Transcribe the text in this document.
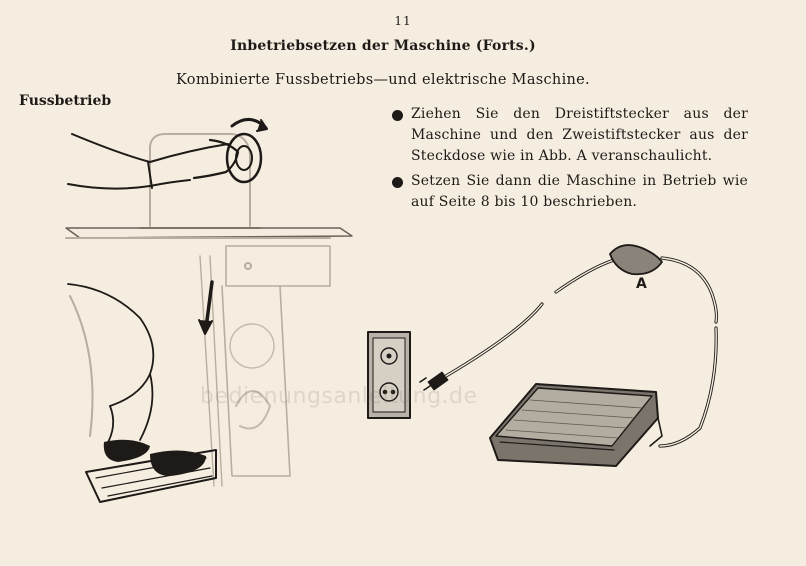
11
Inbetriebsetzen der Maschine (Forts.)
Kombinierte Fussbetriebs—und elektrische Maschine.
Fussbetrieb
Ziehen Sie den Dreistiftstecker aus der Maschine und den Zweistiftstecker aus der Steckdose wie in Abb. A veranschaulicht.
Setzen Sie dann die Maschine in Betrieb wie auf Seite 8 bis 10 beschrieben.
A
bedienungsanleitung.de
